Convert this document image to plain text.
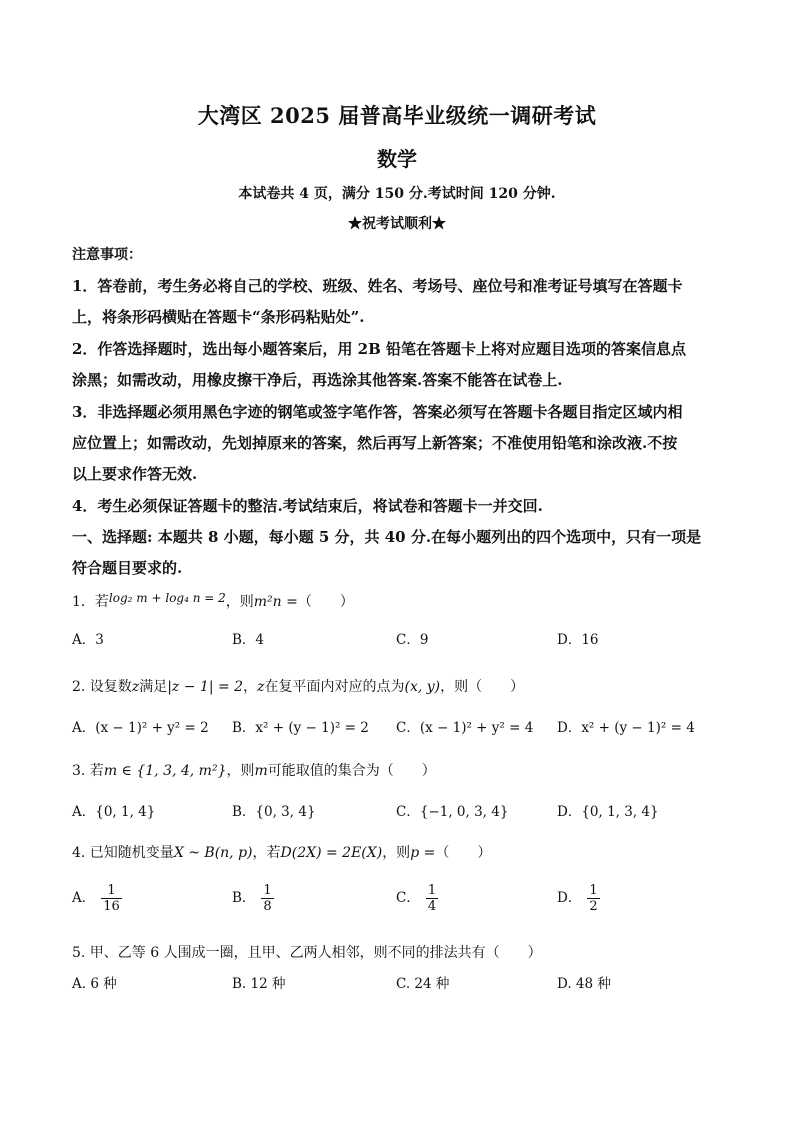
大湾区 2025 届普高毕业级统一调研考试
数学
本试卷共 4 页，满分 150 分.考试时间 120 分钟.
★祝考试顺利★
注意事项：
1．答卷前，考生务必将自己的学校、班级、姓名、考场号、座位号和准考证号填写在答题卡
上，将条形码横贴在答题卡“条形码粘贴处”.
2．作答选择题时，选出每小题答案后，用 2B 铅笔在答题卡上将对应题目选项的答案信息点
涂黑；如需改动，用橡皮擦干净后，再选涂其他答案.答案不能答在试卷上.
3．非选择题必须用黑色字迹的钢笔或签字笔作答，答案必须写在答题卡各题目指定区域内相
应位置上；如需改动，先划掉原来的答案，然后再写上新答案；不准使用铅笔和涂改液.不按
以上要求作答无效.
4．考生必须保证答题卡的整洁.考试结束后，将试卷和答题卡一并交回.
一、选择题: 本题共 8 小题，每小题 5 分，共 40 分.在每小题列出的四个选项中，只有一项是
符合题目要求的.
1．若log₂ m + log₄ n = 2，则m²n =（　　）
A．3	B．4	C．9	D．16
2. 设复数z满足|z − 1| = 2，z在复平面内对应的点为(x, y)，则（　　）
A．(x − 1)² + y² = 2 B．x² + (y − 1)² = 2 C．(x − 1)² + y² = 4 D．x² + (y − 1)² = 4
3. 若m ∈ {1, 3, 4, m²}，则m可能取值的集合为（　　）
A．{0, 1, 4}	B．{0, 3, 4}	C．{−1, 0, 3, 4}	D．{0, 1, 3, 4}
4. 已知随机变量X ~ B(n, p)，若D(2X) = 2E(X)，则p =（　　）
A． $\frac{1}{16}$	B． $\frac{1}{8}$	C． $\frac{1}{4}$	D． $\frac{1}{2}$
5. 甲、乙等 6 人围成一圈，且甲、乙两人相邻，则不同的排法共有（　　）
A. 6 种	B. 12 种	C. 24 种	D. 48 种
